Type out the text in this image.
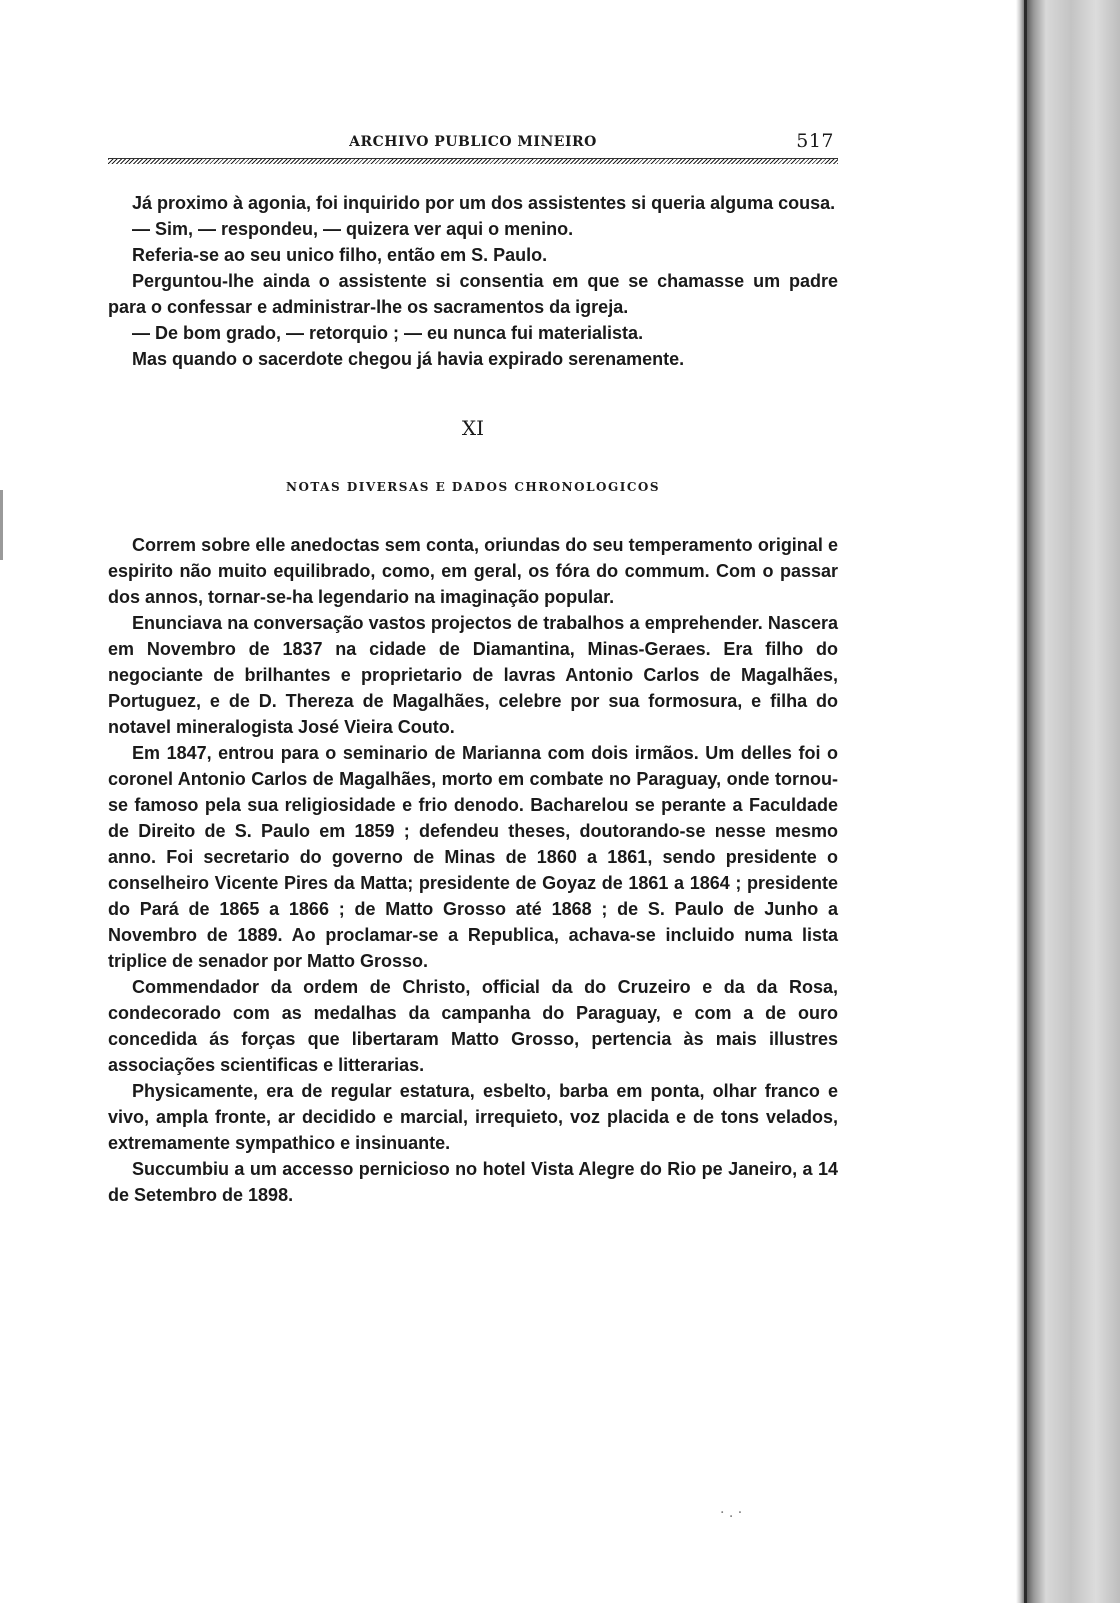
ARCHIVO PUBLICO MINEIRO	517

Já proximo à agonia, foi inquirido por um dos assistentes si queria alguma cousa.

— Sim, — respondeu, — quizera ver aqui o menino.

Referia-se ao seu unico filho, então em S. Paulo.

Perguntou-lhe ainda o assistente si consentia em que se chamasse um padre para o confessar e administrar-lhe os sacramentos da igreja.

— De bom grado, — retorquio ; — eu nunca fui materialista.

Mas quando o sacerdote chegou já havia expirado serenamente.

XI
NOTAS DIVERSAS E DADOS CHRONOLOGICOS

Correm sobre elle anedoctas sem conta, oriundas do seu temperamento original e espirito não muito equilibrado, como, em geral, os fóra do commum. Com o passar dos annos, tornar-se-ha legendario na imaginação popular.

Enunciava na conversação vastos projectos de trabalhos a emprehender. Nascera em Novembro de 1837 na cidade de Diamantina, Minas-Geraes. Era filho do negociante de brilhantes e proprietario de lavras Antonio Carlos de Magalhães, Portuguez, e de D. Thereza de Magalhães, celebre por sua formosura, e filha do notavel mineralogista José Vieira Couto.

Em 1847, entrou para o seminario de Marianna com dois irmãos. Um delles foi o coronel Antonio Carlos de Magalhães, morto em combate no Paraguay, onde tornou-se famoso pela sua religiosidade e frio denodo. Bacharelou se perante a Faculdade de Direito de S. Paulo em 1859 ; defendeu theses, doutorando-se nesse mesmo anno. Foi secretario do governo de Minas de 1860 a 1861, sendo presidente o conselheiro Vicente Pires da Matta; presidente de Goyaz de 1861 a 1864 ; presidente do Pará de 1865 a 1866 ; de Matto Grosso até 1868 ; de S. Paulo de Junho a Novembro de 1889. Ao proclamar-se a Republica, achava-se incluido numa lista triplice de senador por Matto Grosso.

Commendador da ordem de Christo, official da do Cruzeiro e da da Rosa, condecorado com as medalhas da campanha do Paraguay, e com a de ouro concedida ás forças que libertaram Matto Grosso, pertencia às mais illustres associações scientificas e litterarias.

Physicamente, era de regular estatura, esbelto, barba em ponta, olhar franco e vivo, ampla fronte, ar decidido e marcial, irrequieto, voz placida e de tons velados, extremamente sympathico e insinuante.

Succumbiu a um accesso pernicioso no hotel Vista Alegre do Rio pe Janeiro, a 14 de Setembro de 1898.

· . ·
